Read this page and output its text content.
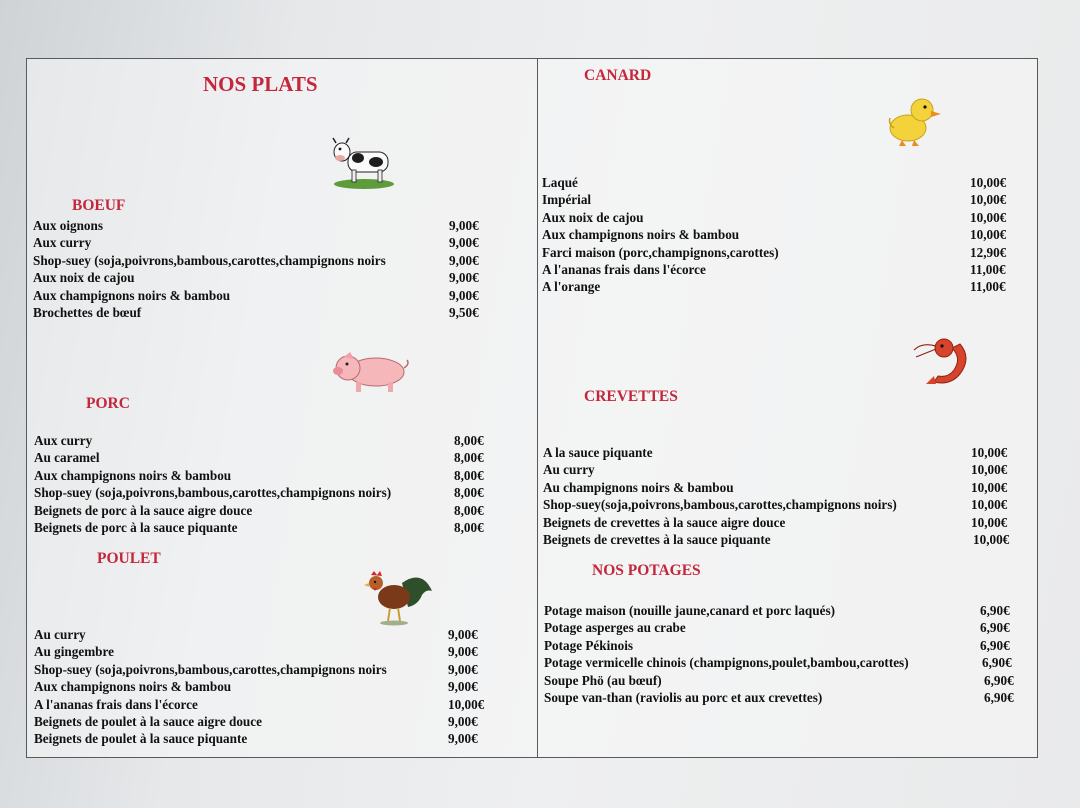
NOS PLATS
BOEUF
Aux oignons	9,00€
Aux curry	9,00€
Shop-suey (soja,poivrons,bambous,carottes,champignons noirs	9,00€
Aux noix de cajou	9,00€
Aux champignons noirs & bambou	9,00€
Brochettes de bœuf	9,50€
PORC
Aux curry	8,00€
Au caramel	8,00€
Aux champignons noirs & bambou	8,00€
Shop-suey (soja,poivrons,bambous,carottes,champignons noirs)	8,00€
Beignets de porc à la sauce aigre douce	8,00€
Beignets de porc à la sauce piquante	8,00€
POULET
Au curry	9,00€
Au gingembre	9,00€
Shop-suey (soja,poivrons,bambous,carottes,champignons noirs	9,00€
Aux champignons noirs & bambou	9,00€
A l'ananas frais dans l'écorce	10,00€
Beignets de poulet à la sauce aigre douce	9,00€
Beignets de poulet à la sauce piquante	9,00€
CANARD
Laqué	10,00€
Impérial	10,00€
Aux noix de cajou	10,00€
Aux champignons noirs & bambou	10,00€
Farci maison (porc,champignons,carottes)	12,90€
A l'ananas frais dans l'écorce	11,00€
A l'orange	11,00€
CREVETTES
A la sauce piquante	10,00€
Au curry	10,00€
Au champignons noirs & bambou	10,00€
Shop-suey(soja,poivrons,bambous,carottes,champignons noirs)	10,00€
Beignets de crevettes à la sauce aigre douce	10,00€
Beignets de crevettes à la sauce piquante	10,00€
NOS POTAGES
Potage maison (nouille jaune,canard et porc laqués)	6,90€
Potage asperges au crabe	6,90€
Potage Pékinois	6,90€
Potage vermicelle chinois (champignons,poulet,bambou,carottes)	6,90€
Soupe Phö (au bœuf)	6,90€
Soupe van-than (raviolis au porc et aux crevettes)	6,90€
